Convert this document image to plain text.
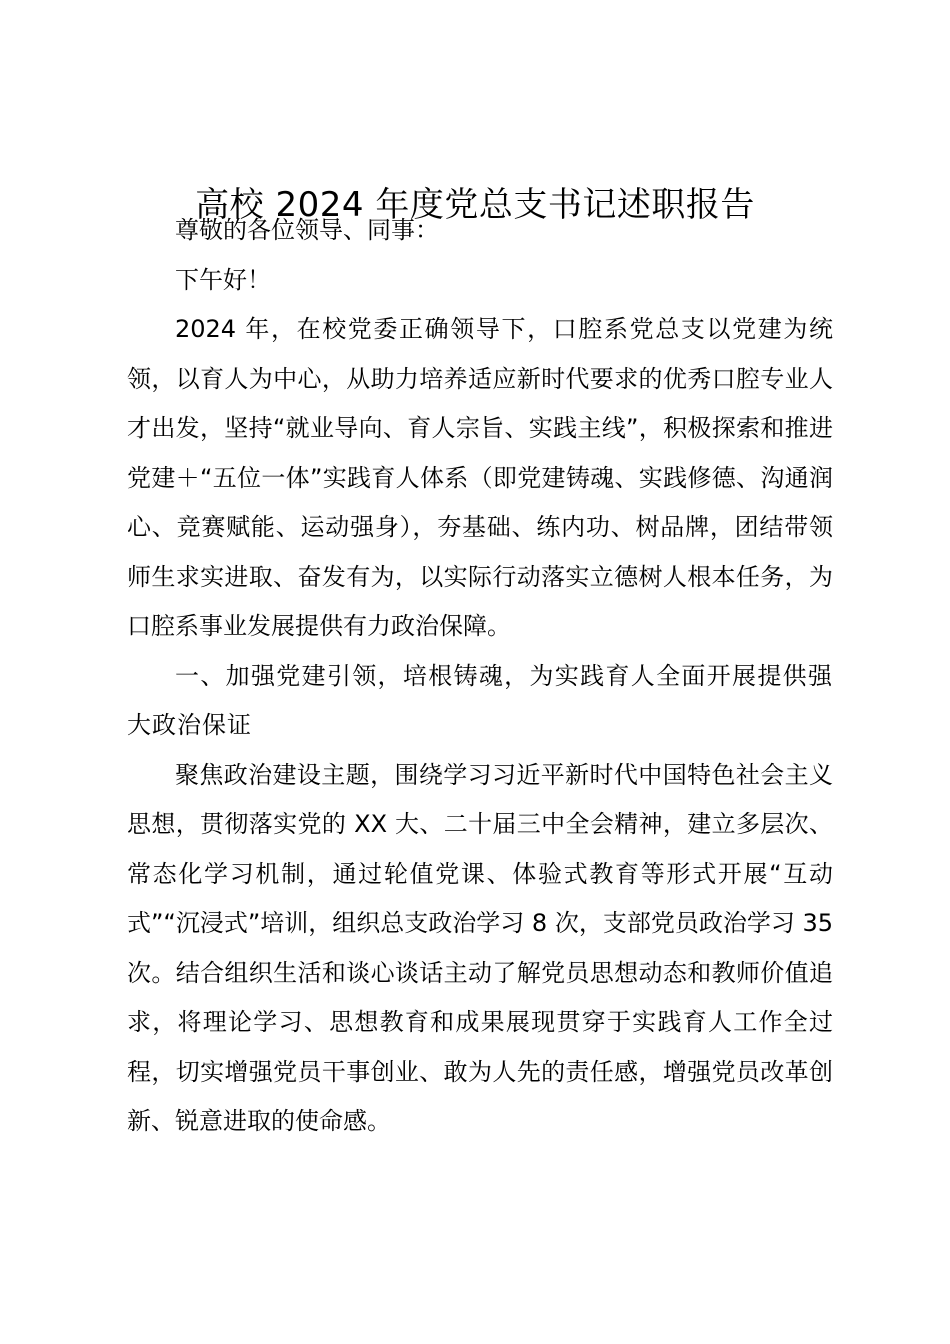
高校 2024 年度党总支书记述职报告

尊敬的各位领导、同事：

下午好！

2024 年，在校党委正确领导下，口腔系党总支以党建为统领，以育人为中心，从助力培养适应新时代要求的优秀口腔专业人才出发，坚持“就业导向、育人宗旨、实践主线”，积极探索和推进党建＋“五位一体”实践育人体系（即党建铸魂、实践修德、沟通润心、竞赛赋能、运动强身），夯基础、练内功、树品牌，团结带领师生求实进取、奋发有为，以实际行动落实立德树人根本任务，为口腔系事业发展提供有力政治保障。

一、加强党建引领，培根铸魂，为实践育人全面开展提供强大政治保证

聚焦政治建设主题，围绕学习习近平新时代中国特色社会主义思想，贯彻落实党的 XX 大、二十届三中全会精神，建立多层次、常态化学习机制，通过轮值党课、体验式教育等形式开展“互动式”“沉浸式”培训，组织总支政治学习 8 次，支部党员政治学习 35 次。结合组织生活和谈心谈话主动了解党员思想动态和教师价值追求，将理论学习、思想教育和成果展现贯穿于实践育人工作全过程，切实增强党员干事创业、敢为人先的责任感，增强党员改革创新、锐意进取的使命感。
